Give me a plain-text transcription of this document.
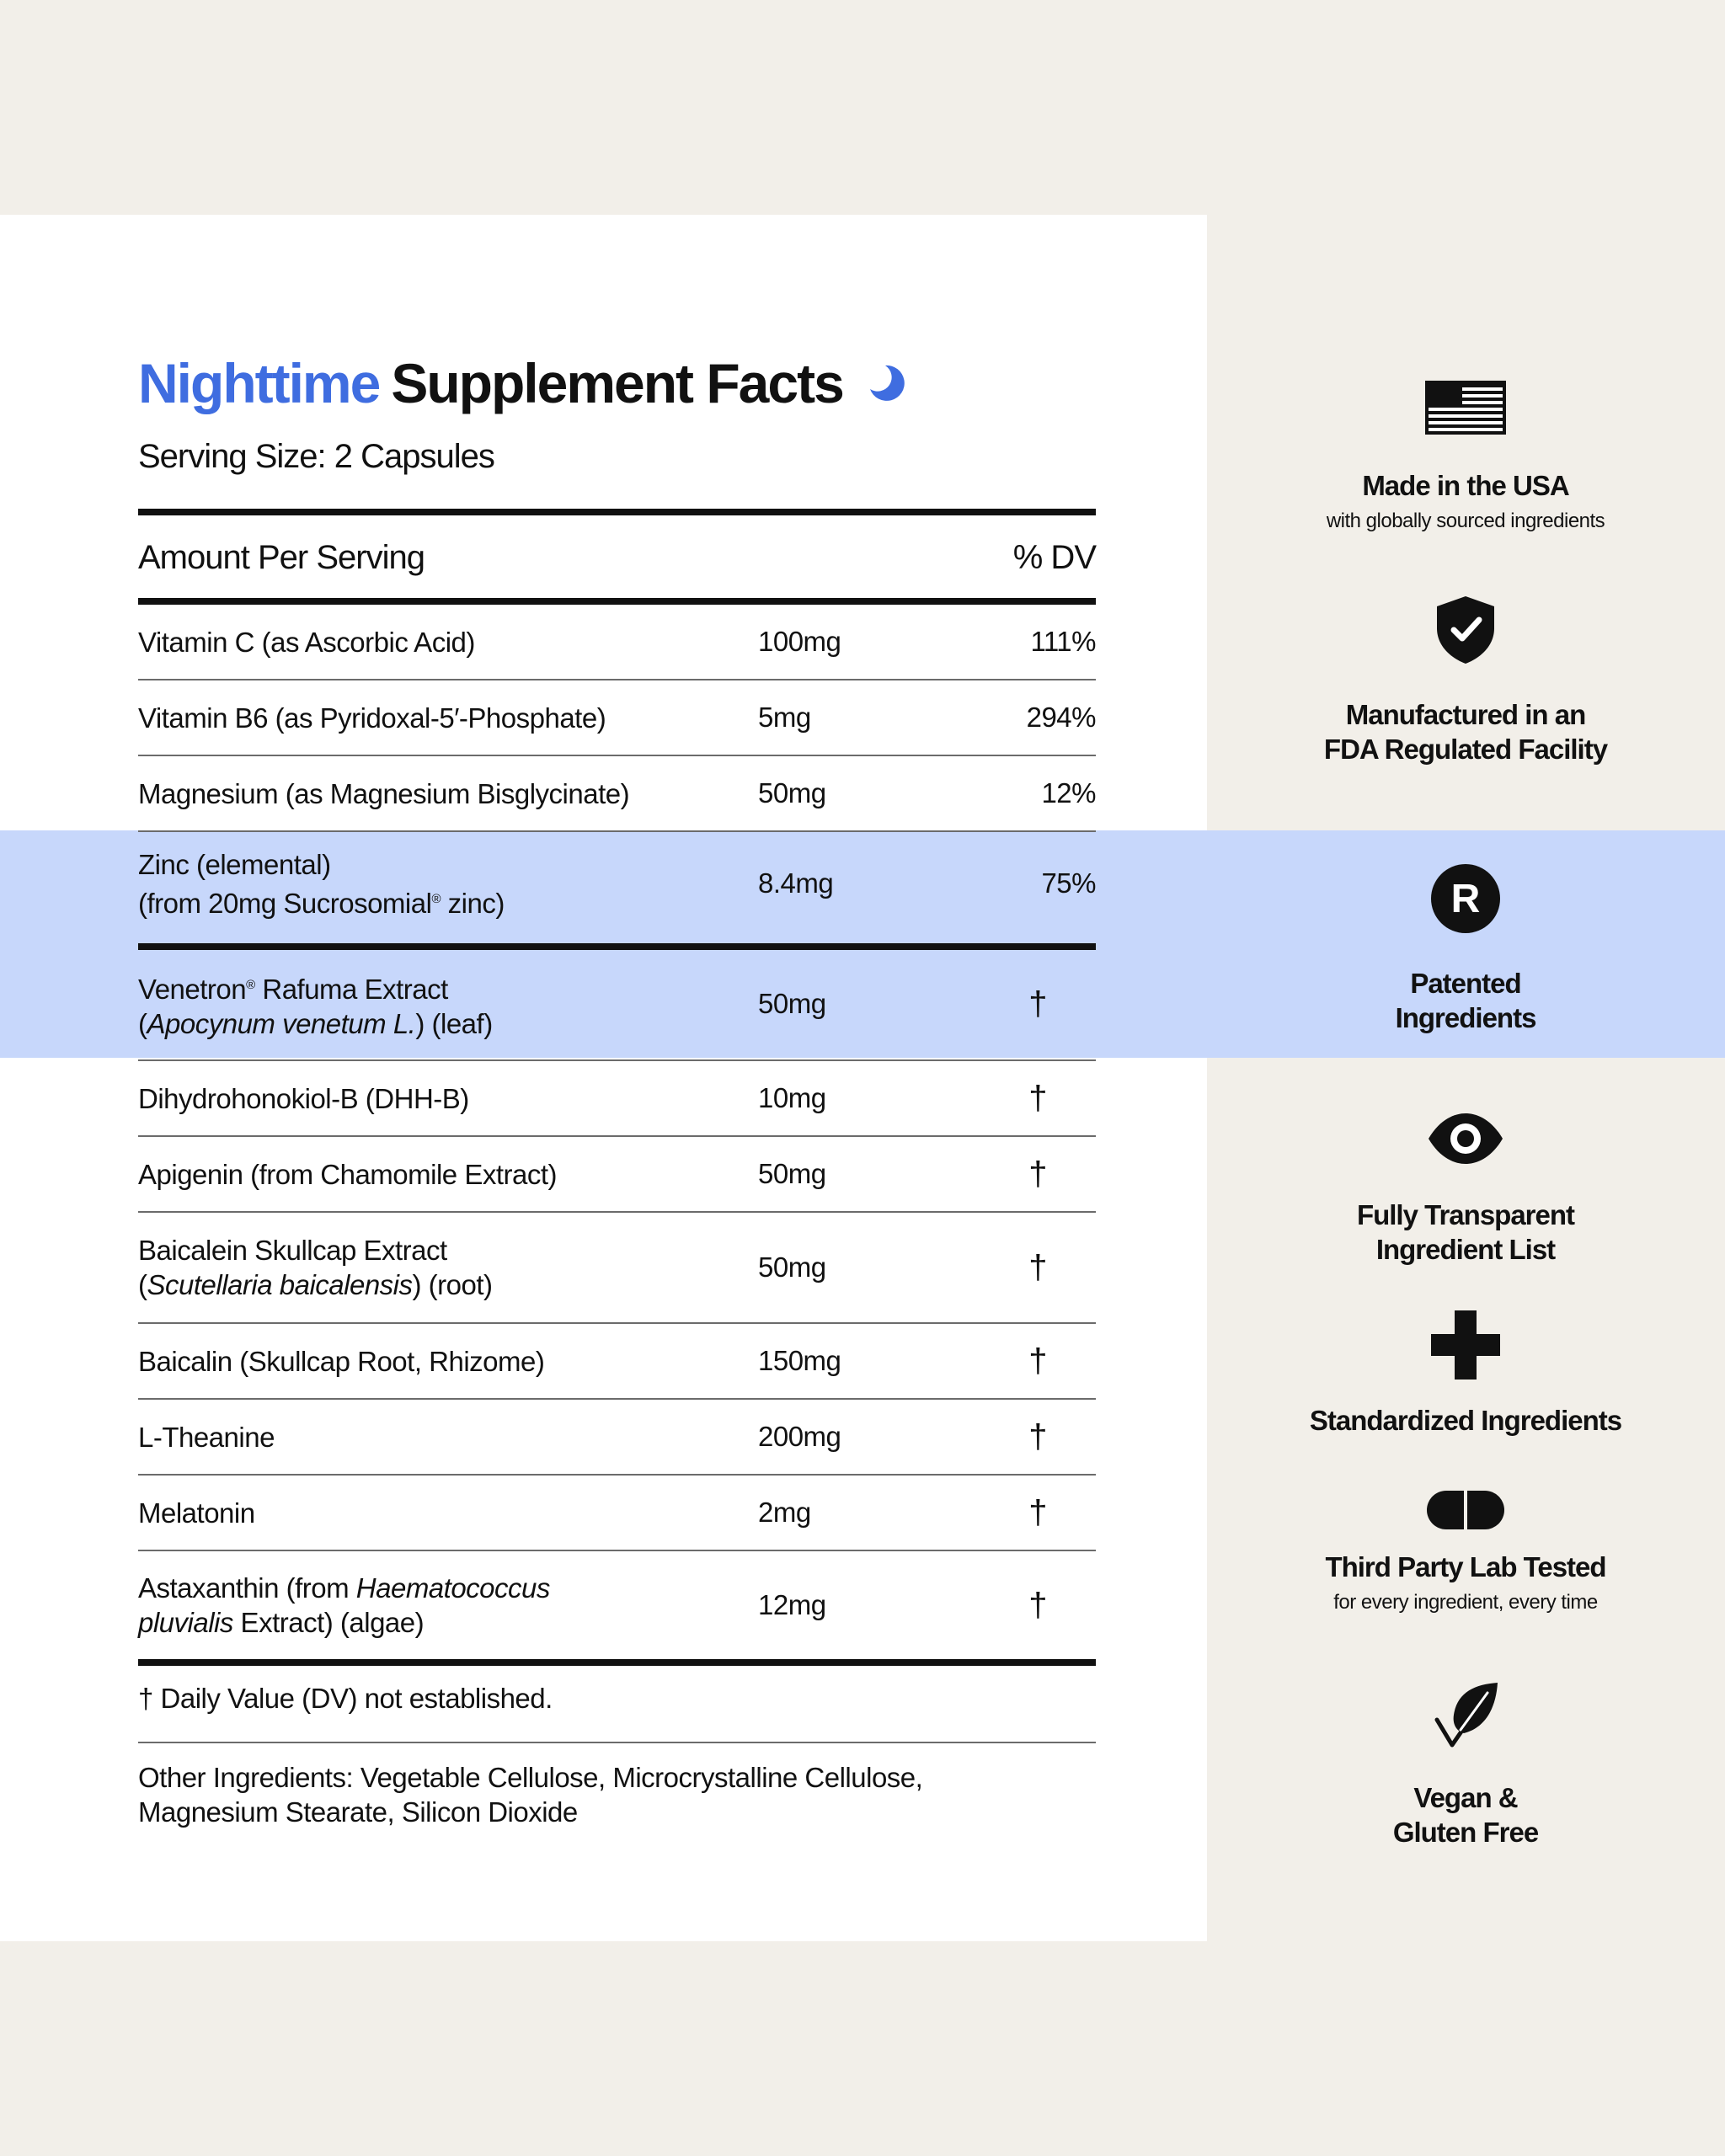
Nighttime Supplement Facts
Serving Size: 2 Capsules
Amount Per Serving	% DV
Vitamin C (as Ascorbic Acid)	100mg	111%
Vitamin B6 (as Pyridoxal-5′-Phosphate)	5mg	294%
Magnesium (as Magnesium Bisglycinate)	50mg	12%
Zinc (elemental)
(from 20mg Sucrosomial® zinc)
8.4mg	75%
Venetron® Rafuma Extract
(Apocynum venetum L.) (leaf)
50mg	†
Dihydrohonokiol-B (DHH-B)	10mg	†
Apigenin (from Chamomile Extract)	50mg	†
Baicalein Skullcap Extract
(Scutellaria baicalensis) (root)
50mg	†
Baicalin (Skullcap Root, Rhizome)	150mg	†
L-Theanine	200mg	†
Melatonin	2mg	†
Astaxanthin (from Haematococcus
pluvialis Extract) (algae)
12mg	†
† Daily Value (DV) not established.
Other Ingredients: Vegetable Cellulose, Microcrystalline Cellulose,
Magnesium Stearate, Silicon Dioxide
Made in the USA
with globally sourced ingredients
Manufactured in an
FDA Regulated Facility
R
Patented
Ingredients
Fully Transparent
Ingredient List
Standardized Ingredients
Third Party Lab Tested
for every ingredient, every time
Vegan &
Gluten Free
